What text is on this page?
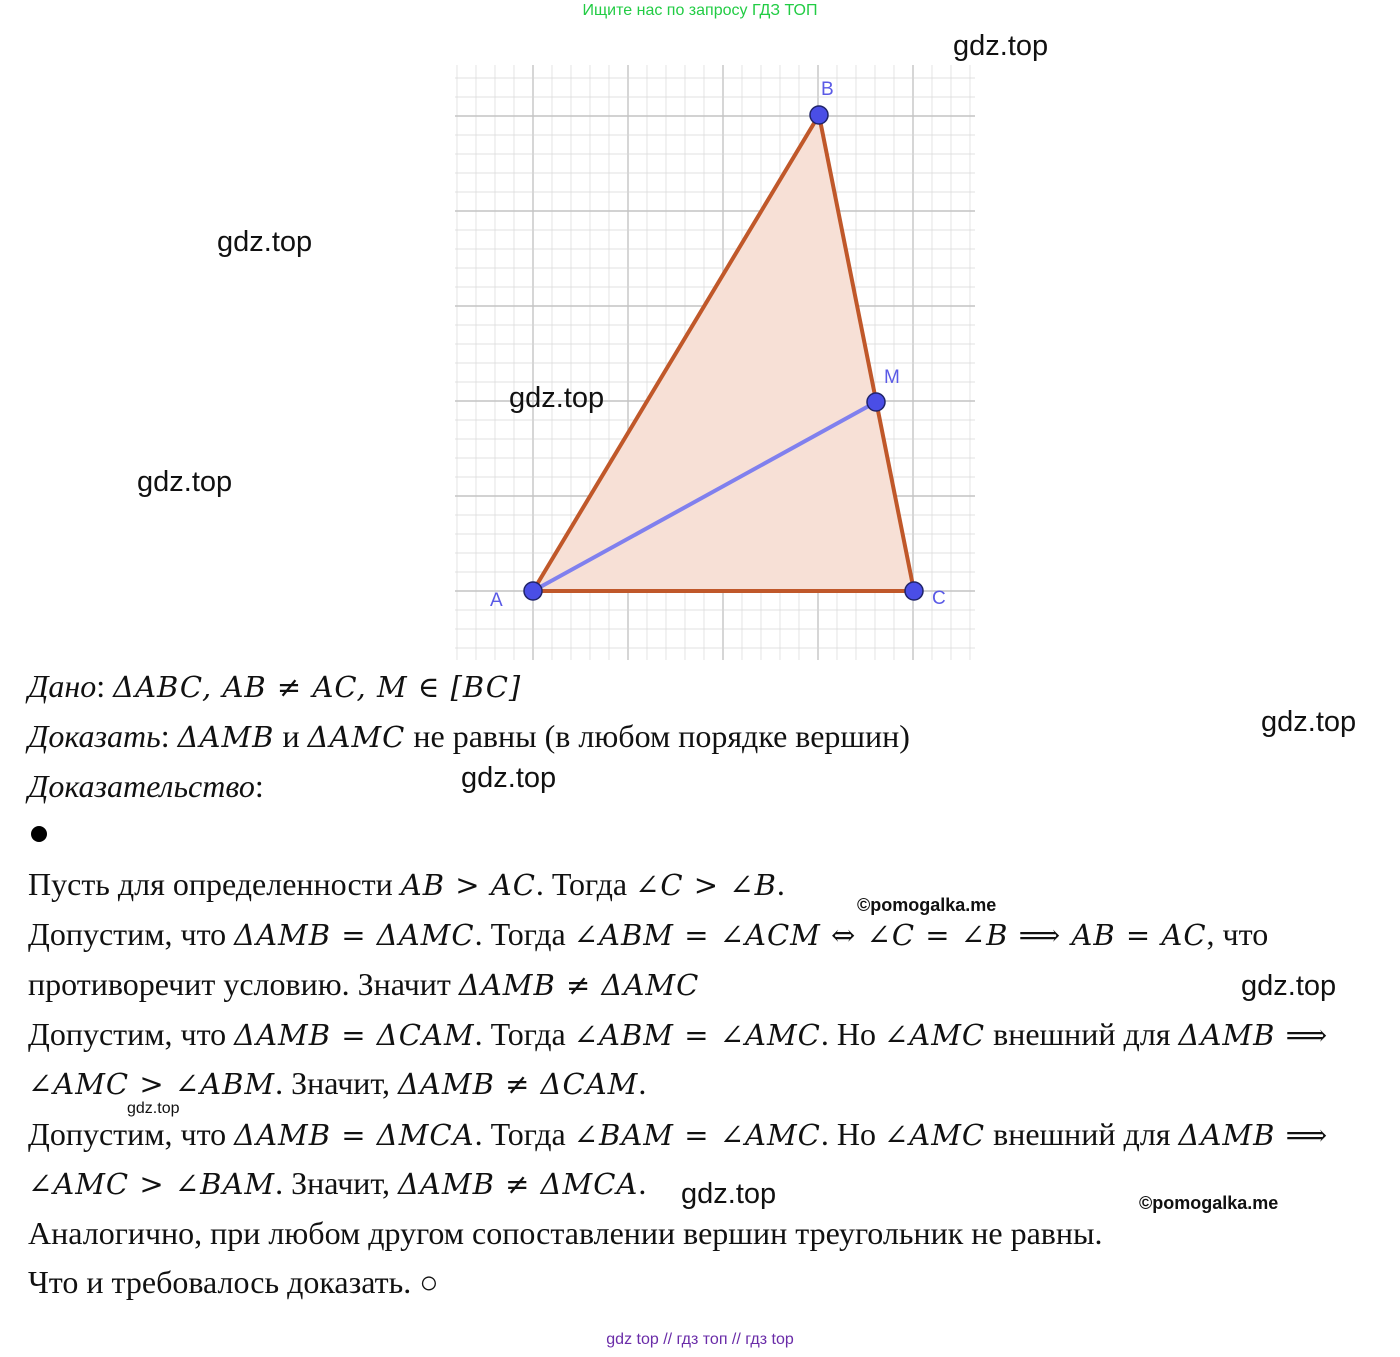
Ищите нас по запросу ГДЗ ТОП
A
B
C
M
gdz.top
gdz.top
gdz.top
gdz.top
gdz.top
gdz.top
gdz.top
gdz.top
gdz.top
©pomogalka.me
©pomogalka.me
Дано: ΔABC, AB ≠ AC, M ∈ [BC]
Доказать: ΔAMB и ΔAMC не равны (в любом порядке вершин)
Доказательство:
Пусть для определенности AB > AC. Тогда ∠C > ∠B.
Допустим, что ΔAMB = ΔAMC. Тогда ∠ABM = ∠ACM ⇔ ∠C = ∠B ⟹ AB = AC, что
противоречит условию. Значит ΔAMB ≠ ΔAMC
Допустим, что ΔAMB = ΔCAM. Тогда ∠ABM = ∠AMC. Но ∠AMC внешний для ΔAMB ⟹
∠AMC > ∠ABM. Значит, ΔAMB ≠ ΔCAM.
Допустим, что ΔAMB = ΔMCA. Тогда ∠BAM = ∠AMC. Но ∠AMC внешний для ΔAMB ⟹
∠AMC > ∠BAM. Значит, ΔAMB ≠ ΔMCA.
Аналогично, при любом другом сопоставлении вершин треугольник не равны.
Что и требовалось доказать. ○
gdz top // гдз топ // гдз top
